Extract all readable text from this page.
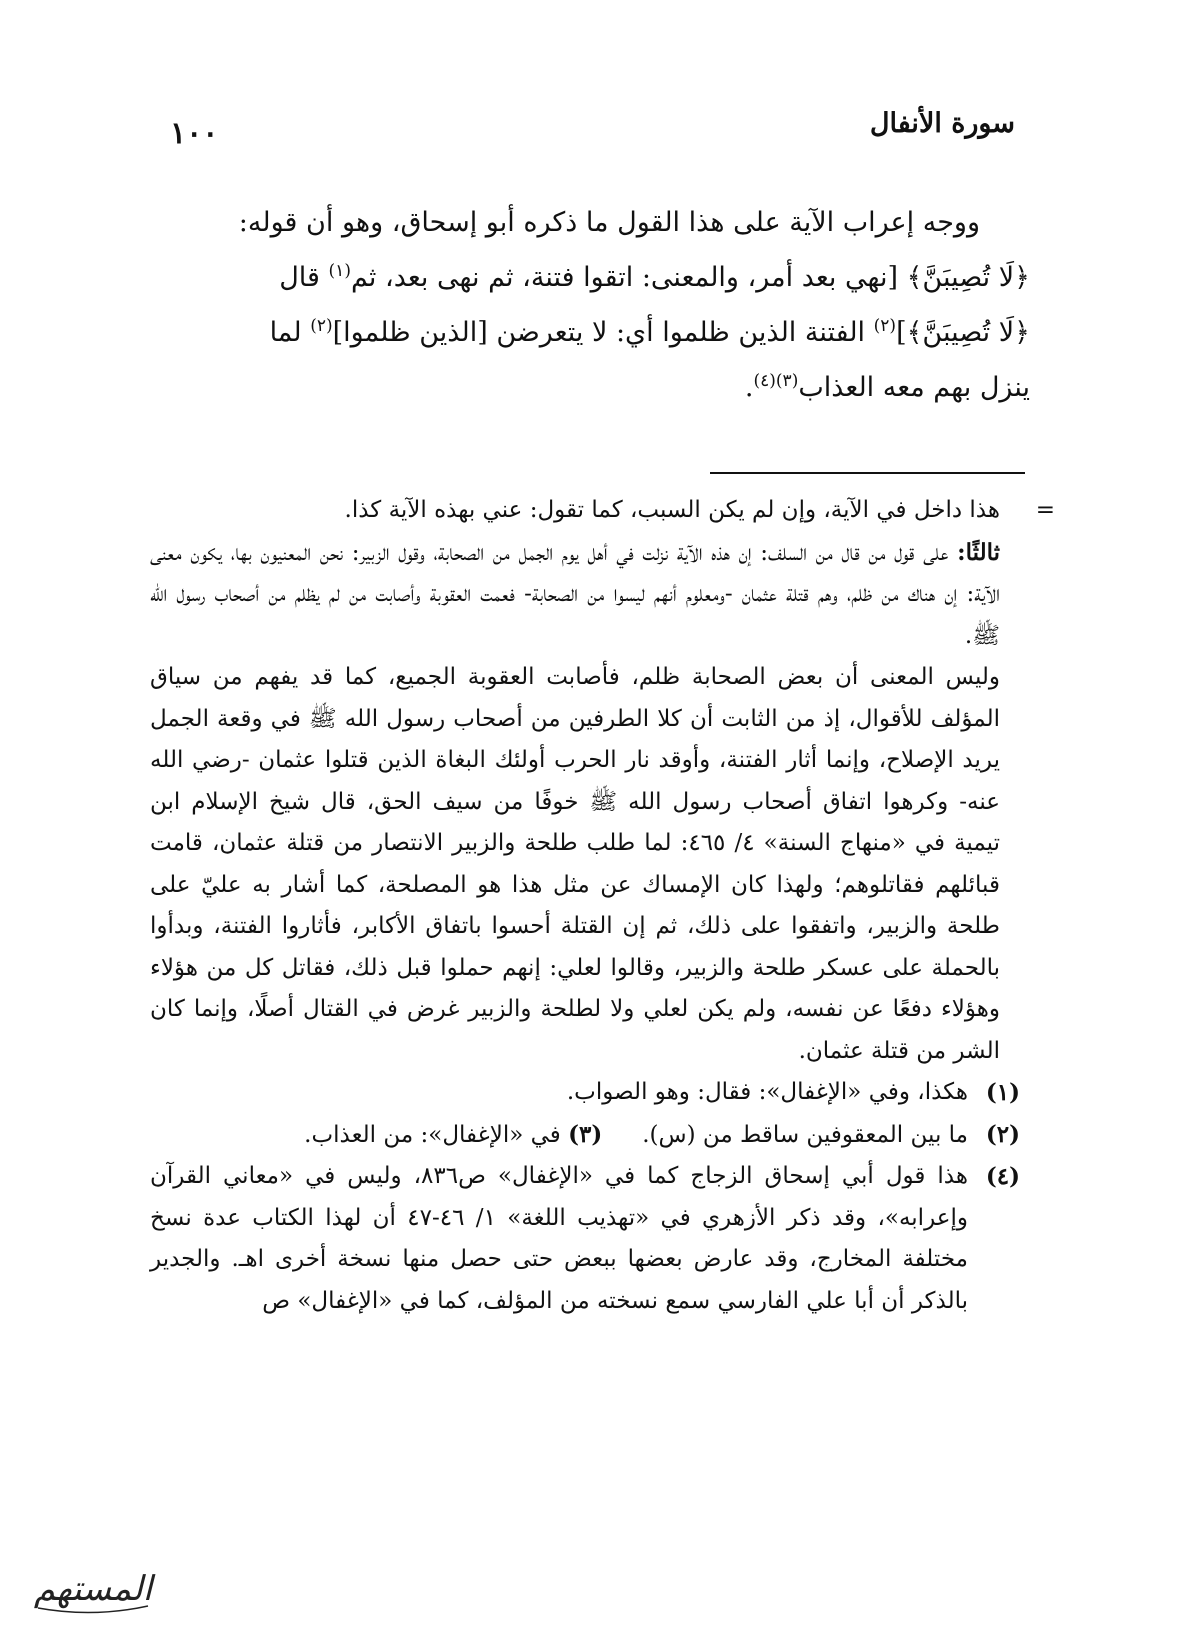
١٠٠	سورة الأنفال

ووجه إعراب الآية على هذا القول ما ذكره أبو إسحاق، وهو أن قوله:

﴿لَا تُصِيبَنَّ﴾ [نهي بعد أمر، والمعنى: اتقوا فتنة، ثم نهى بعد، ثم$^{(١)}$ قال

﴿لَا تُصِيبَنَّ﴾]$^{(٢)}$ الفتنة الذين ظلموا أي: لا يتعرضن [الذين ظلموا]$^{(٢)}$ لما

ينزل بهم معه العذاب$^{(٣)(٤)}$.

=

هذا داخل في الآية، وإن لم يكن السبب، كما تقول: عني بهذه الآية كذا.

ثالثًا: على قول من قال من السلف: إن هذه الآية نزلت في أهل يوم الجمل من الصحابة، وقول الزبير: نحن المعنيون بها، يكون معنى الآية: إن هناك من ظلم، وهم قتلة عثمان -ومعلوم أنهم ليسوا من الصحابة- فعمت العقوبة وأصابت من لم يظلم من أصحاب رسول الله ﷺ.

وليس المعنى أن بعض الصحابة ظلم، فأصابت العقوبة الجميع، كما قد يفهم من سياق المؤلف للأقوال، إذ من الثابت أن كلا الطرفين من أصحاب رسول الله ﷺ في وقعة الجمل يريد الإصلاح، وإنما أثار الفتنة، وأوقد نار الحرب أولئك البغاة الذين قتلوا عثمان -رضي الله عنه- وكرهوا اتفاق أصحاب رسول الله ﷺ خوفًا من سيف الحق، قال شيخ الإسلام ابن تيمية في «منهاج السنة» ٤/ ٤٦٥: لما طلب طلحة والزبير الانتصار من قتلة عثمان، قامت قبائلهم فقاتلوهم؛ ولهذا كان الإمساك عن مثل هذا هو المصلحة، كما أشار به عليّ على طلحة والزبير، واتفقوا على ذلك، ثم إن القتلة أحسوا باتفاق الأكابر، فأثاروا الفتنة، وبدأوا بالحملة على عسكر طلحة والزبير، وقالوا لعلي: إنهم حملوا قبل ذلك، فقاتل كل من هؤلاء وهؤلاء دفعًا عن نفسه، ولم يكن لعلي ولا لطلحة والزبير غرض في القتال أصلًا، وإنما كان الشر من قتلة عثمان.

(١)
هكذا، وفي «الإغفال»: فقال: وهو الصواب.

(٢)
ما بين المعقوفين ساقط من (س).(٣) في «الإغفال»: من العذاب.

(٤)
هذا قول أبي إسحاق الزجاج كما في «الإغفال» ص٨٣٦، وليس في «معاني القرآن وإعرابه»، وقد ذكر الأزهري في «تهذيب اللغة» ١/ ٤٦-٤٧ أن لهذا الكتاب عدة نسخ مختلفة المخارج، وقد عارض بعضها ببعض حتى حصل منها نسخة أخرى اهـ. والجدير بالذكر أن أبا علي الفارسي سمع نسخته من المؤلف، كما في «الإغفال» ص

المستهم
